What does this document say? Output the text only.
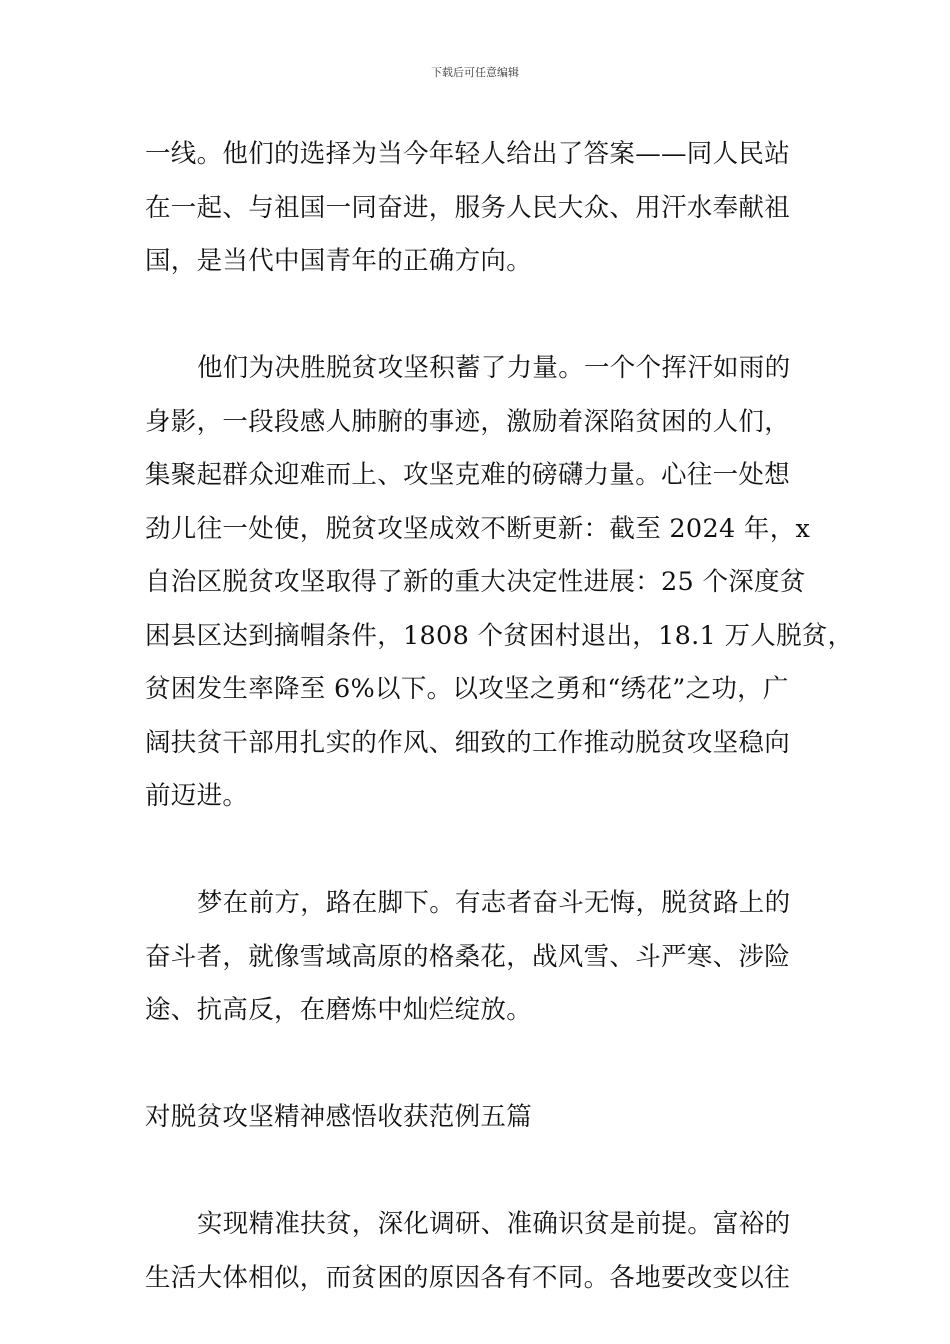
下载后可任意编辑
一线。他们的选择为当今年轻人给出了答案——同人民站
在一起、与祖国一同奋进，服务人民大众、用汗水奉献祖
国，是当代中国青年的正确方向。
他们为决胜脱贫攻坚积蓄了力量。一个个挥汗如雨的
身影，一段段感人肺腑的事迹，激励着深陷贫困的人们，
集聚起群众迎难而上、攻坚克难的磅礴力量。心往一处想
劲儿往一处使，脱贫攻坚成效不断更新：截至 2024 年，x
自治区脱贫攻坚取得了新的重大决定性进展：25 个深度贫
困县区达到摘帽条件，1808 个贫困村退出，18.1 万人脱贫，
贫困发生率降至 6%以下。以攻坚之勇和“绣花”之功，广
阔扶贫干部用扎实的作风、细致的工作推动脱贫攻坚稳向
前迈进。
梦在前方，路在脚下。有志者奋斗无悔，脱贫路上的
奋斗者，就像雪域高原的格桑花，战风雪、斗严寒、涉险
途、抗高反，在磨炼中灿烂绽放。
对脱贫攻坚精神感悟收获范例五篇
实现精准扶贫，深化调研、准确识贫是前提。富裕的
生活大体相似，而贫困的原因各有不同。各地要改变以往
